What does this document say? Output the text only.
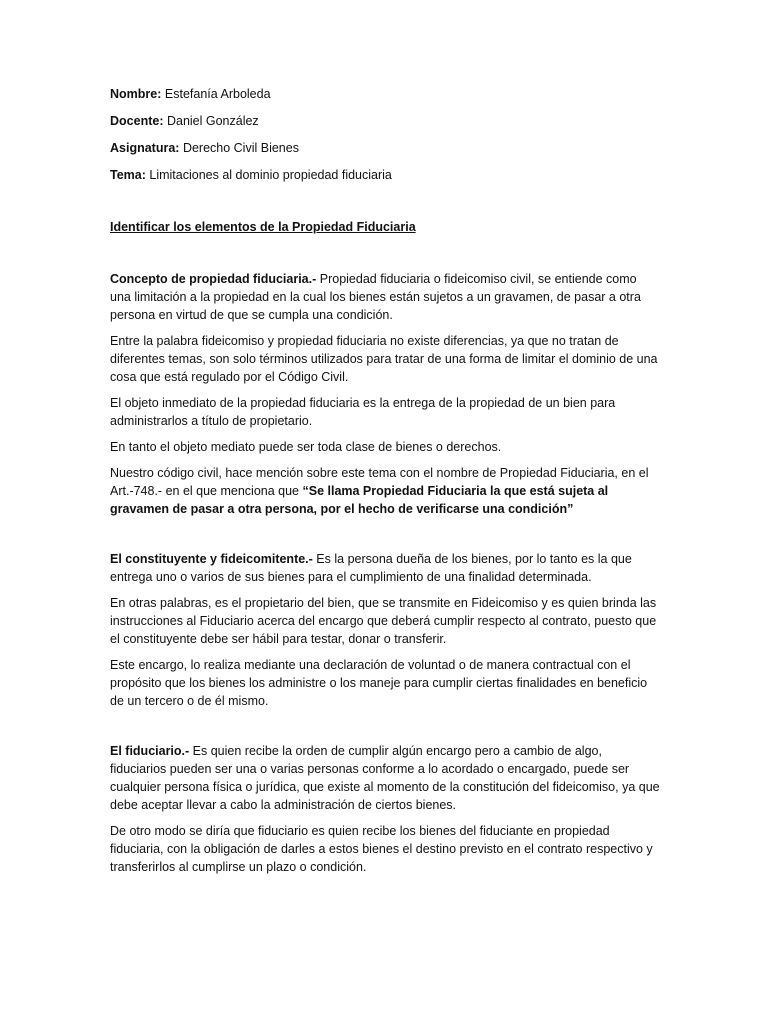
Nombre: Estefanía Arboleda

Docente: Daniel González

Asignatura: Derecho Civil Bienes

Tema: Limitaciones al dominio propiedad fiduciaria

Identificar los elementos de la Propiedad Fiduciaria

Concepto de propiedad fiduciaria.- Propiedad fiduciaria o fideicomiso civil, se entiende como una limitación a la propiedad en la cual los bienes están sujetos a un gravamen, de pasar a otra persona en virtud de que se cumpla una condición.

Entre la palabra fideicomiso y propiedad fiduciaria no existe diferencias, ya que no tratan de diferentes temas, son solo términos utilizados para tratar de una forma de limitar el dominio de una cosa que está regulado por el Código Civil.

El objeto inmediato de la propiedad fiduciaria es la entrega de la propiedad de un bien para administrarlos a título de propietario.

En tanto el objeto mediato puede ser toda clase de bienes o derechos.

Nuestro código civil, hace mención sobre este tema con el nombre de Propiedad Fiduciaria, en el Art.-748.- en el que menciona que “Se llama Propiedad Fiduciaria la que está sujeta al gravamen de pasar a otra persona, por el hecho de verificarse una condición”

El constituyente y fideicomitente.- Es la persona dueña de los bienes, por lo tanto es la que entrega uno o varios de sus bienes para el cumplimiento de una finalidad determinada.

En otras palabras, es el propietario del bien, que se transmite en Fideicomiso y es quien brinda las instrucciones al Fiduciario acerca del encargo que deberá cumplir respecto al contrato, puesto que el constituyente debe ser hábil para testar, donar o transferir.

Este encargo, lo realiza mediante una declaración de voluntad o de manera contractual con el propósito que los bienes los administre o los maneje para cumplir ciertas finalidades en beneficio de un tercero o de él mismo.

El fiduciario.- Es quien recibe la orden de cumplir algún encargo pero a cambio de algo, fiduciarios pueden ser una o varias personas conforme a lo acordado o encargado, puede ser cualquier persona física o jurídica, que existe al momento de la constitución del fideicomiso, ya que debe aceptar llevar a cabo la administración de ciertos bienes.

De otro modo se diría que fiduciario es quien recibe los bienes del fiduciante en propiedad fiduciaria, con la obligación de darles a estos bienes el destino previsto en el contrato respectivo y transferirlos al cumplirse un plazo o condición.
